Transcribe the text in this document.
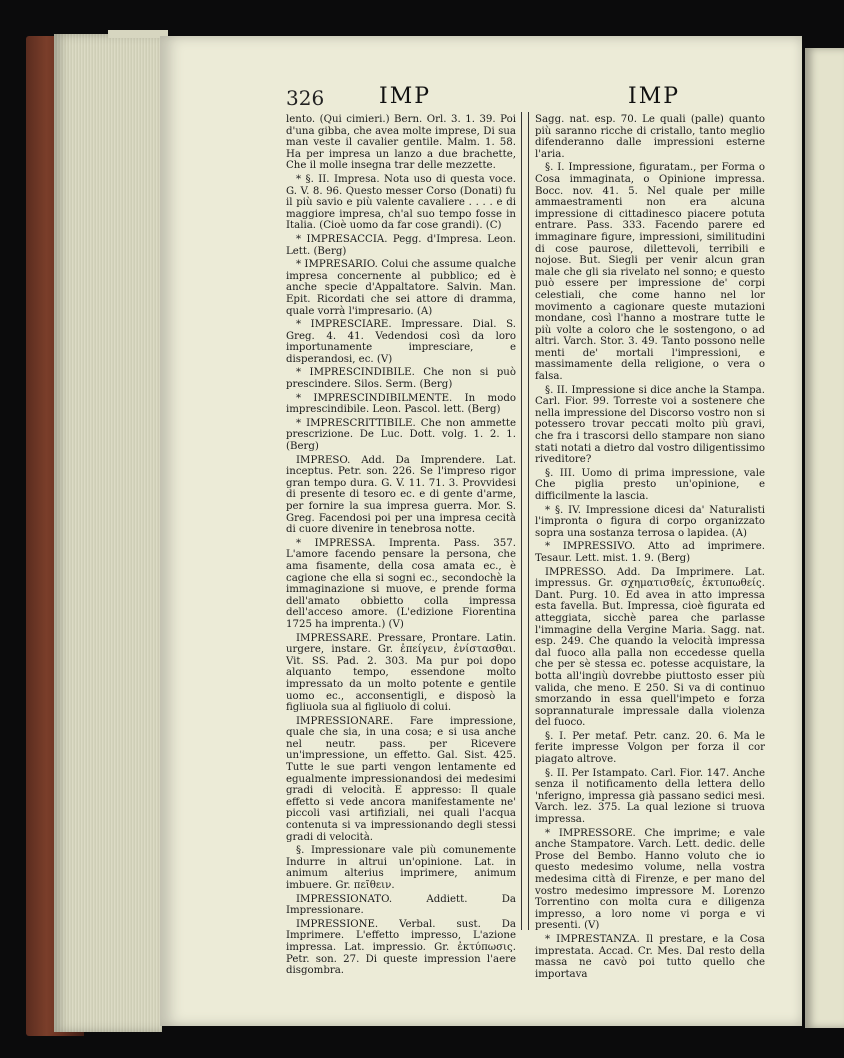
326 IMP	IMP

lento. (Qui cimieri.) Bern. Orl. 3. 1. 39. Poi d'una gibba, che avea molte imprese, Di sua man veste il cavalier gentile. Malm. 1. 58. Ha per impresa un lanzo a due brachette, Che il molle insegna trar delle mezzette.

* §. II. Impresa. Nota uso di questa voce. G. V. 8. 96. Questo messer Corso (Donati) fu il più savio e più valente cavaliere . . . . e di maggiore impresa, ch'al suo tempo fosse in Italia. (Cioè uomo da far cose grandi). (C)

* IMPRESACCIA. Pegg. d'Impresa. Leon. Lett. (Berg)

* IMPRESARIO. Colui che assume qualche impresa concernente al pubblico; ed è anche specie d'Appaltatore. Salvin. Man. Epit. Ricordati che sei attore di dramma, quale vorrà l'impresario. (A)

* IMPRESCIARE. Impressare. Dial. S. Greg. 4. 41. Vedendosi così da loro importunamente impresciare, e disperandosi, ec. (V)

* IMPRESCINDIBILE. Che non si può prescindere. Silos. Serm. (Berg)

* IMPRESCINDIBILMENTE. In modo imprescindibile. Leon. Pascol. lett. (Berg)

* IMPRESCRITTIBILE. Che non ammette prescrizione. De Luc. Dott. volg. 1. 2. 1. (Berg)

IMPRESO. Add. Da Imprendere. Lat. inceptus. Petr. son. 226. Se l'impreso rigor gran tempo dura. G. V. 11. 71. 3. Provvidesi di presente di tesoro ec. e di gente d'arme, per fornire la sua impresa guerra. Mor. S. Greg. Facendosi poi per una impresa cecità di cuore divenire in tenebrosa notte.

* IMPRESSA. Imprenta. Pass. 357. L'amore facendo pensare la persona, che ama fisamente, della cosa amata ec., è cagione che ella si sogni ec., secondochè la immaginazione si muove, e prende forma dell'amato obbietto colla impressa dell'acceso amore. (L'edizione Fiorentina 1725 ha imprenta.) (V)

IMPRESSARE. Pressare, Prontare. Latin. urgere, instare. Gr. ἐπείγειν, ἐνίστασθαι. Vit. SS. Pad. 2. 303. Ma pur poi dopo alquanto tempo, essendone molto impressato da un molto potente e gentile uomo ec., acconsentigli, e disposò la figliuola sua al figliuolo di colui.

IMPRESSIONARE. Fare impressione, quale che sia, in una cosa; e si usa anche nel neutr. pass. per Ricevere un'impressione, un effetto. Gal. Sist. 425. Tutte le sue parti vengon lentamente ed egualmente impressionandosi dei medesimi gradi di velocità. E appresso: Il quale effetto si vede ancora manifestamente ne' piccoli vasi artifiziali, nei quali l'acqua contenuta si va impressionando degli stessi gradi di velocità.

§. Impressionare vale più comunemente Indurre in altrui un'opinione. Lat. in animum alterius imprimere, animum imbuere. Gr. πεῖθειν.

IMPRESSIONATO. Addiett. Da Impressionare.

IMPRESSIONE. Verbal. sust. Da Imprimere. L'effetto impresso, L'azione impressa. Lat. impressio. Gr. ἐκτύπωσις. Petr. son. 27. Di queste impression l'aere disgombra.

Sagg. nat. esp. 70. Le quali (palle) quanto più saranno ricche di cristallo, tanto meglio difenderanno dalle impressioni esterne l'aria.

§. I. Impressione, figuratam., per Forma o Cosa immaginata, o Opinione impressa. Bocc. nov. 41. 5. Nel quale per mille ammaestramenti non era alcuna impressione di cittadinesco piacere potuta entrare. Pass. 333. Facendo parere ed immaginare figure, impressioni, similitudini di cose paurose, dilettevoli, terribili e nojose. But. Siegli per venir alcun gran male che gli sia rivelato nel sonno; e questo può essere per impressione de' corpi celestiali, che come hanno nel lor movimento a cagionare queste mutazioni mondane, così l'hanno a mostrare tutte le più volte a coloro che le sostengono, o ad altri. Varch. Stor. 3. 49. Tanto possono nelle menti de' mortali l'impressioni, e massimamente della religione, o vera o falsa.

§. II. Impressione si dice anche la Stampa. Carl. Fior. 99. Torreste voi a sostenere che nella impressione del Discorso vostro non si potessero trovar peccati molto più gravi, che fra i trascorsi dello stampare non siano stati notati a dietro dal vostro diligentissimo riveditore?

§. III. Uomo di prima impressione, vale Che piglia presto un'opinione, e difficilmente la lascia.

* §. IV. Impressione dicesi da' Naturalisti l'impronta o figura di corpo organizzato sopra una sostanza terrosa o lapidea. (A)

* IMPRESSIVO. Atto ad imprimere. Tesaur. Lett. mist. 1. 9. (Berg)

IMPRESSO. Add. Da Imprimere. Lat. impressus. Gr. σχηματισθείς, ἐκτυπωθείς. Dant. Purg. 10. Ed avea in atto impressa esta favella. But. Impressa, cioè figurata ed atteggiata, sicchè parea che parlasse l'immagine della Vergine Maria. Sagg. nat. esp. 249. Che quando la velocità impressa dal fuoco alla palla non eccedesse quella che per sè stessa ec. potesse acquistare, la botta all'ingiù dovrebbe piuttosto esser più valida, che meno. E 250. Si va di continuo smorzando in essa quell'impeto e forza soprannaturale impressale dalla violenza del fuoco.

§. I. Per metaf. Petr. canz. 20. 6. Ma le ferite impresse Volgon per forza il cor piagato altrove.

§. II. Per Istampato. Carl. Fior. 147. Anche senza il notificamento della lettera dello 'nferigno, impressa già passano sedici mesi. Varch. lez. 375. La qual lezione si truova impressa.

* IMPRESSORE. Che imprime; e vale anche Stampatore. Varch. Lett. dedic. delle Prose del Bembo. Hanno voluto che io questo medesimo volume, nella vostra medesima città di Firenze, e per mano del vostro medesimo impressore M. Lorenzo Torrentino con molta cura e diligenza impresso, a loro nome vi porga e vi presenti. (V)

* IMPRESTANZA. Il prestare, e la Cosa imprestata. Accad. Cr. Mes. Dal resto della massa ne cavò poi tutto quello che importava
